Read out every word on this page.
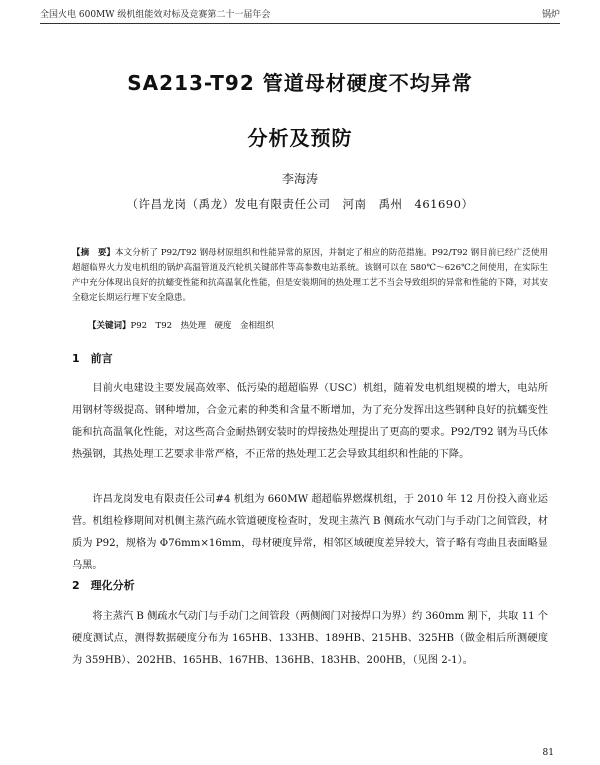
全国火电 600MW 级机组能效对标及竞赛第二十一届年会	锅炉
SA213-T92 管道母材硬度不均异常
分析及预防
李海涛
（许昌龙岗（禹龙）发电有限责任公司　河南　禹州　461690）
【摘　要】本文分析了 P92/T92 钢母材原组织和性能异常的原因，并制定了相应的防范措施。P92/T92 钢目前已经广泛使用超超临界火力发电机组的锅炉高温管道及汽轮机关键部件等高参数电站系统。该钢可以在 580℃～626℃之间使用，在实际生产中充分体现出良好的抗蠕变性能和抗高温氧化性能，但是安装期间的热处理工艺不当会导致组织的异常和性能的下降，对其安全稳定长期运行埋下安全隐患。
【关键词】P92　T92　热处理　硬度　金相组织
1　前言
目前火电建设主要发展高效率、低污染的超超临界（USC）机组，随着发电机组规模的增大，电站所用钢材等级提高、钢种增加，合金元素的种类和含量不断增加，为了充分发挥出这些钢种良好的抗蠕变性能和抗高温氧化性能，对这些高合金耐热钢安装时的焊接热处理提出了更高的要求。P92/T92 钢为马氏体热强钢，其热处理工艺要求非常严格，不正常的热处理工艺会导致其组织和性能的下降。
许昌龙岗发电有限责任公司#4 机组为 660MW 超超临界燃煤机组，于 2010 年 12 月份投入商业运营。机组检修期间对机侧主蒸汽疏水管道硬度检查时，发现主蒸汽 B 侧疏水气动门与手动门之间管段，材质为 P92，规格为 Φ76mm×16mm，母材硬度异常，相邻区域硬度差异较大，管子略有弯曲且表面略显乌黑。
2　理化分析
将主蒸汽 B 侧疏水气动门与手动门之间管段（两侧阀门对接焊口为界）约 360mm 割下，共取 11 个硬度测试点，测得数据硬度分布为 165HB、133HB、189HB、215HB、325HB（做金相后所测硬度为 359HB）、202HB、165HB、167HB、136HB、183HB、200HB，（见图 2-1）。
81
